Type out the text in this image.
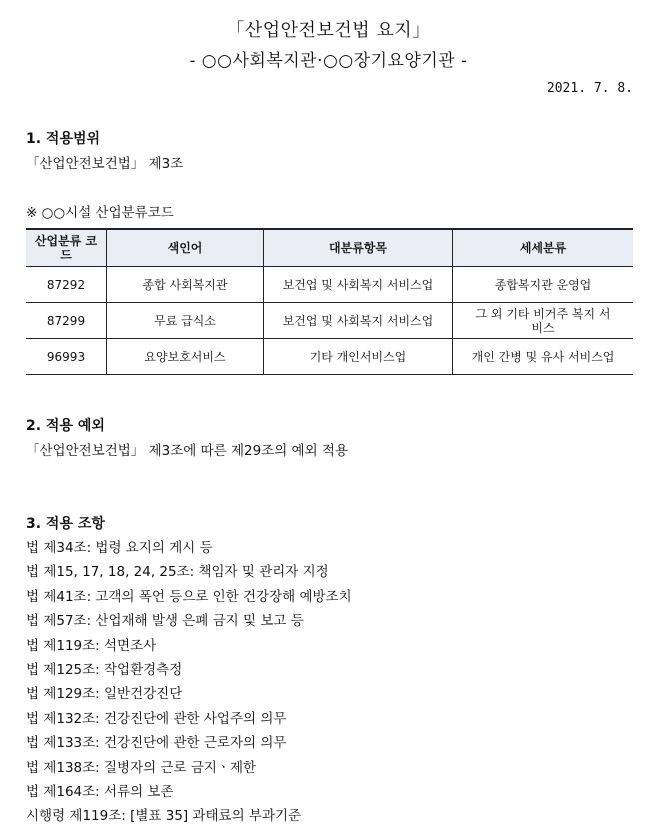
「산업안전보건법 요지」
- ○○사회복지관·○○장기요양기관 -
2021. 7. 8.
1. 적용범위
「산업안전보건법」 제3조
※ ○○시설 산업분류코드
산업분류 코드	색인어	대분류항목	세세분류
87292	종합 사회복지관	보건업 및 사회복지 서비스업	종합복지관 운영업
87299	무료 급식소	보건업 및 사회복지 서비스업	그 외 기타 비거주 복지 서비스
96993	요양보호서비스	기타 개인서비스업	개인 간병 및 유사 서비스업
2. 적용 예외
「산업안전보건법」 제3조에 따른 제29조의 예외 적용
3. 적용 조항
법 제34조: 법령 요지의 게시 등
법 제15, 17, 18, 24, 25조: 책임자 및 관리자 지정
법 제41조: 고객의 폭언 등으로 인한 건강장해 예방조치
법 제57조: 산업재해 발생 은폐 금지 및 보고 등
법 제119조: 석면조사
법 제125조: 작업환경측정
법 제129조: 일반건강진단
법 제132조: 건강진단에 관한 사업주의 의무
법 제133조: 건강진단에 관한 근로자의 의무
법 제138조: 질병자의 근로 금지ㆍ제한
법 제164조: 서류의 보존
시행령 제119조: [별표 35] 과태료의 부과기준
